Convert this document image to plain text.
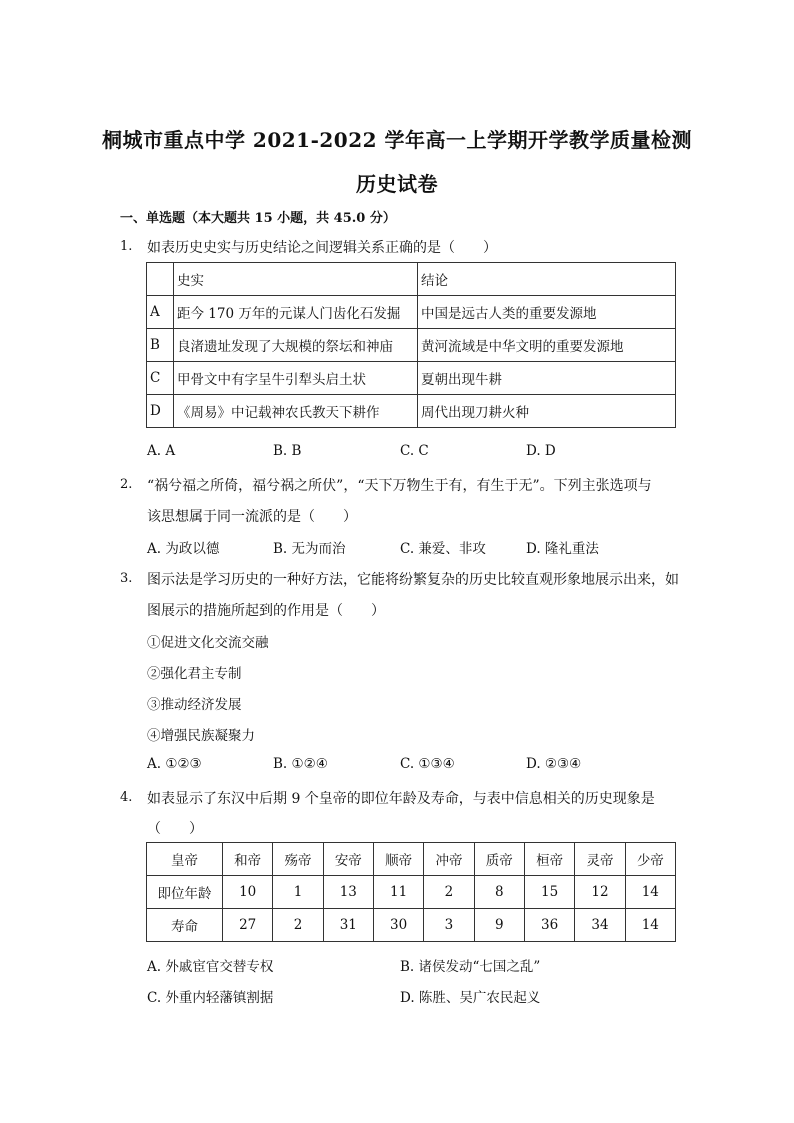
桐城市重点中学 2021-2022 学年高一上学期开学教学质量检测
历史试卷
一、单选题（本大题共 15 小题，共 45.0 分）
1. 如表历史史实与历史结论之间逻辑关系正确的是（　　）
	史实	结论
A	距今 170 万年的元谋人门齿化石发掘	中国是远古人类的重要发源地
B	良渚遗址发现了大规模的祭坛和神庙	黄河流域是中华文明的重要发源地
C	甲骨文中有字呈牛引犁头启土状	夏朝出现牛耕
D	《周易》中记载神农氏教天下耕作	周代出现刀耕火种
A. A	B. B	C. C	D. D
2. “祸兮福之所倚，福兮祸之所伏”，“天下万物生于有，有生于无”。下列主张选项与
该思想属于同一流派的是（　　）
A. 为政以德	B. 无为而治	C. 兼爱、非攻	D. 隆礼重法
3. 图示法是学习历史的一种好方法，它能将纷繁复杂的历史比较直观形象地展示出来，如
图展示的措施所起到的作用是（　　）
①促进文化交流交融
②强化君主专制
③推动经济发展
④增强民族凝聚力
A. ①②③	B. ①②④	C. ①③④	D. ②③④
4. 如表显示了东汉中后期 9 个皇帝的即位年龄及寿命，与表中信息相关的历史现象是
（　　）
皇帝	和帝	殇帝	安帝	顺帝	冲帝	质帝	桓帝	灵帝	少帝
即位年龄	10	1	13	11	2	8	15	12	14
寿命	27	2	31	30	3	9	36	34	14
A. 外戚宦官交替专权	B. 诸侯发动“七国之乱”
C. 外重内轻藩镇割据	D. 陈胜、吴广农民起义
